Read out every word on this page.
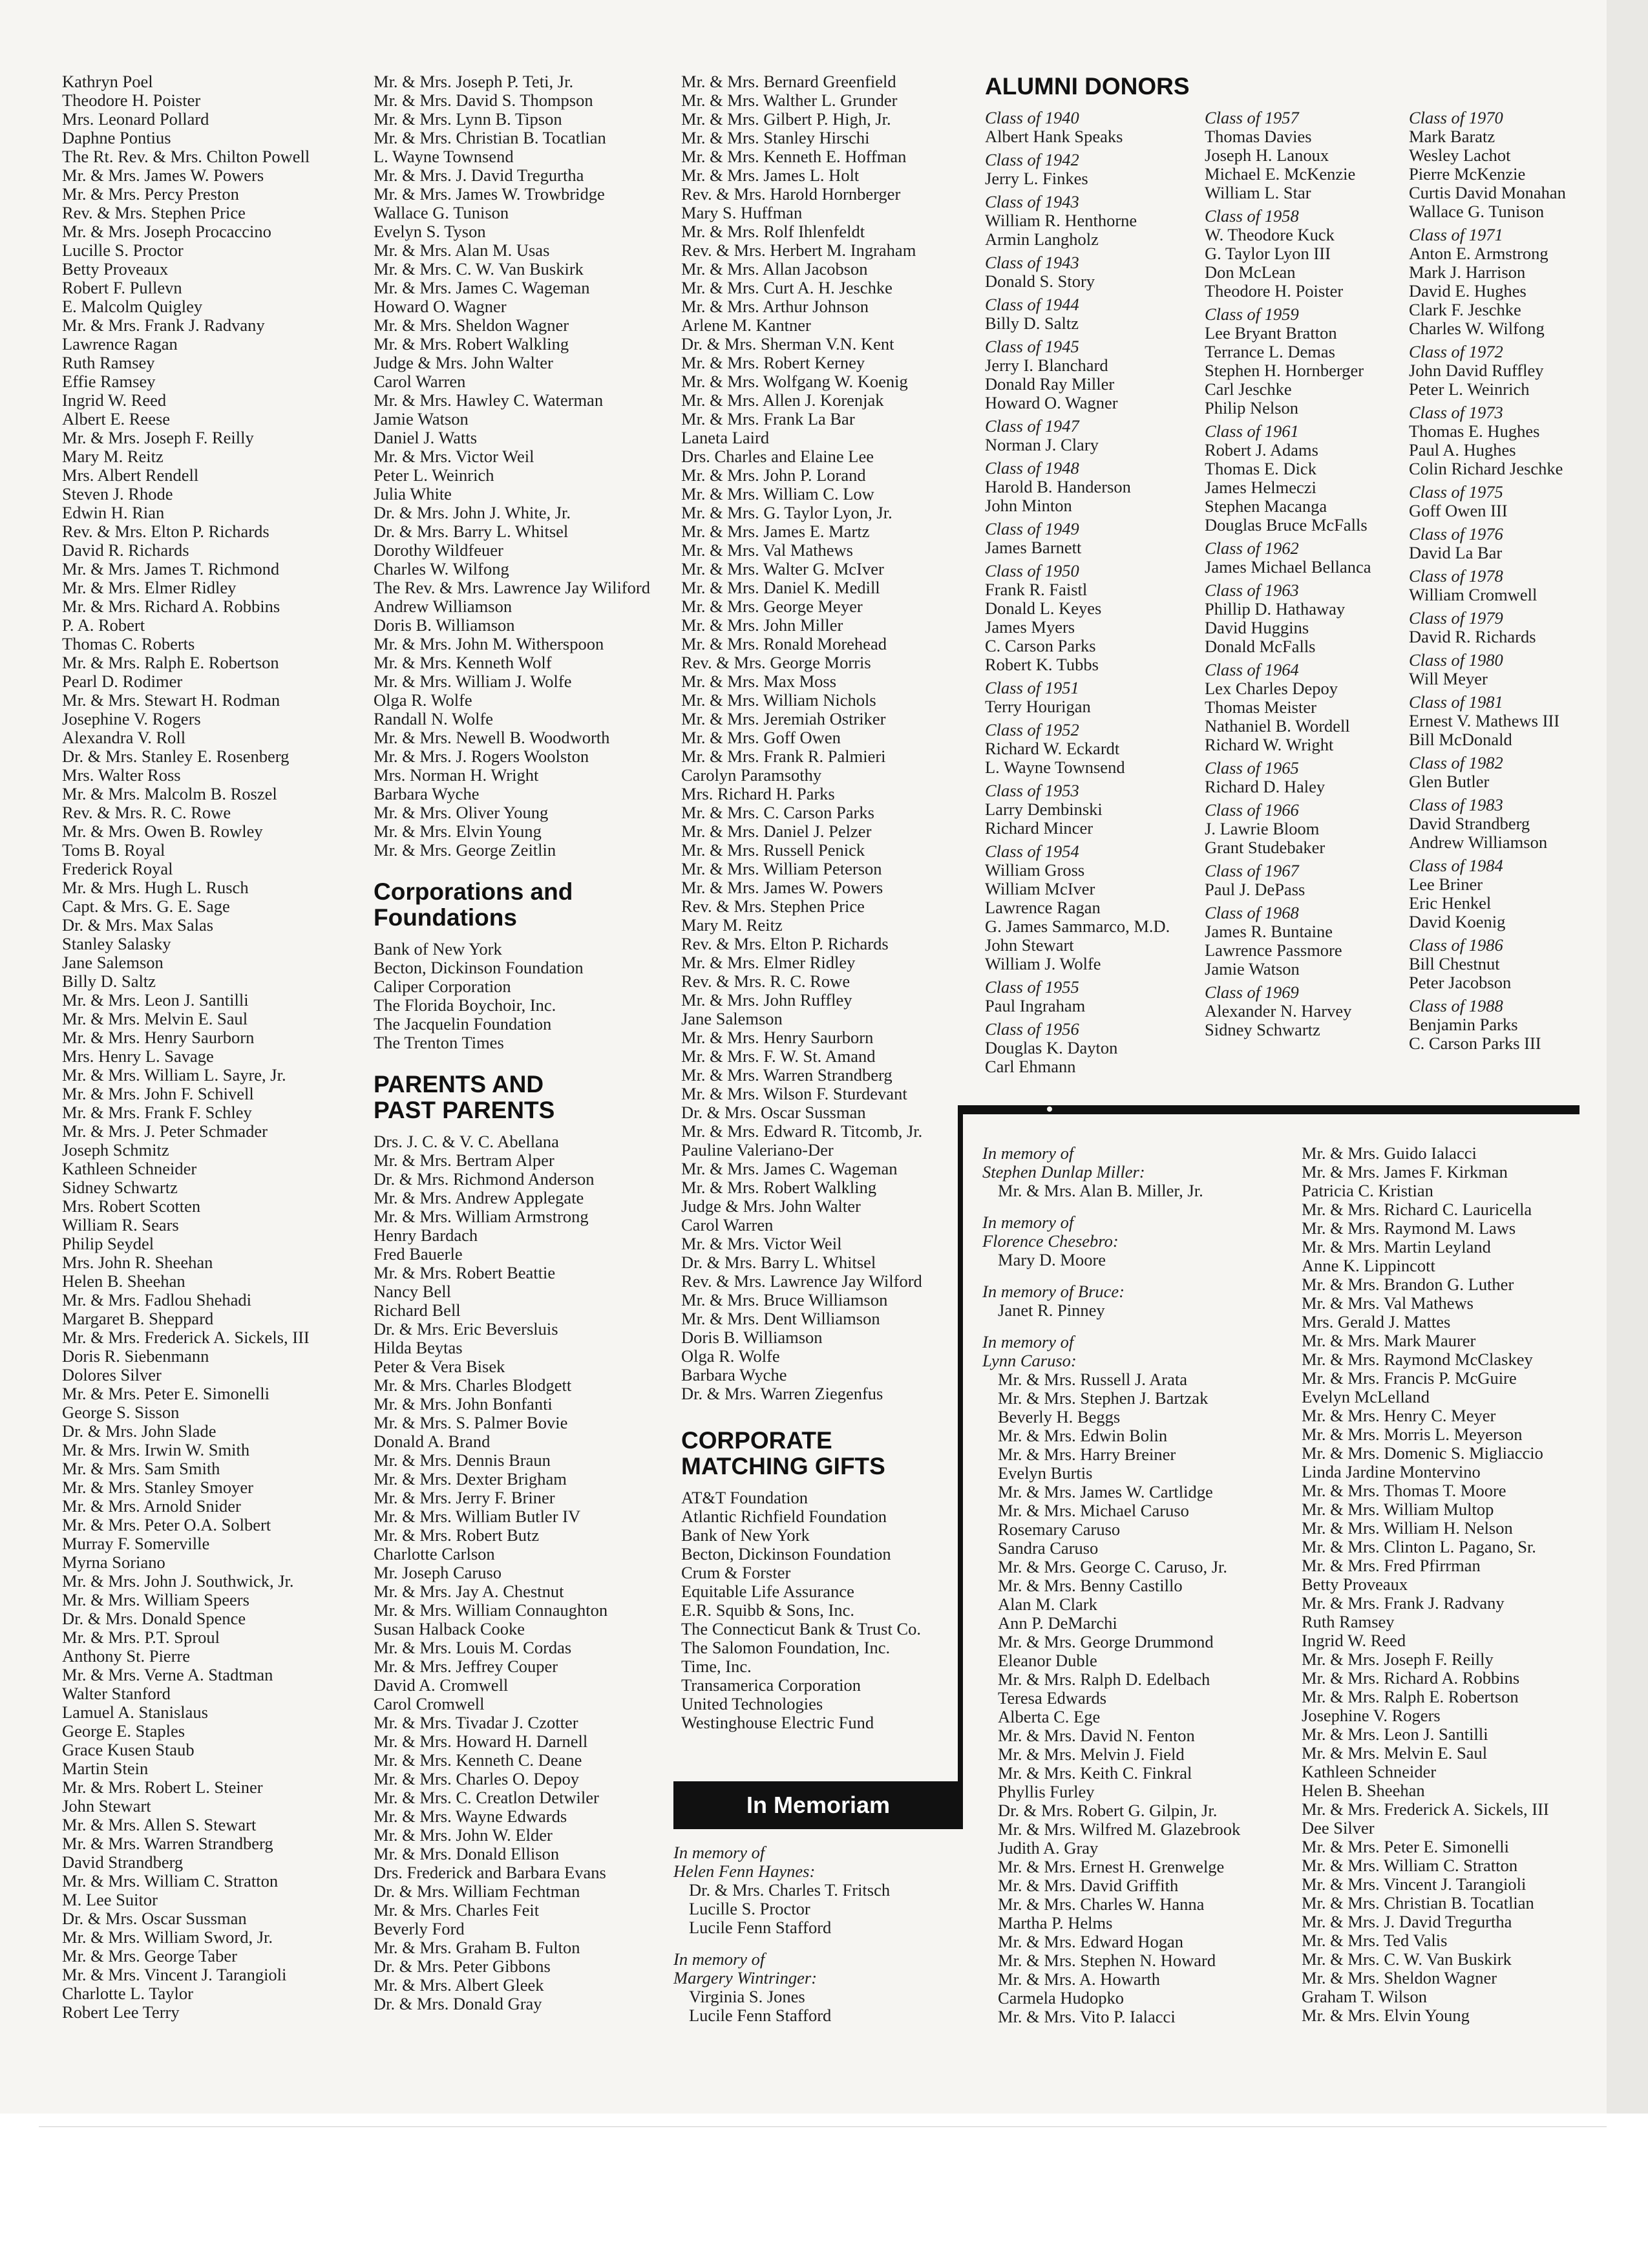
Kathryn Poel
Theodore H. Poister
Mrs. Leonard Pollard
Daphne Pontius
The Rt. Rev. & Mrs. Chilton Powell
Mr. & Mrs. James W. Powers
Mr. & Mrs. Percy Preston
Rev. & Mrs. Stephen Price
Mr. & Mrs. Joseph Procaccino
Lucille S. Proctor
Betty Proveaux
Robert F. Pullevn
E. Malcolm Quigley
Mr. & Mrs. Frank J. Radvany
Lawrence Ragan
Ruth Ramsey
Effie Ramsey
Ingrid W. Reed
Albert E. Reese
Mr. & Mrs. Joseph F. Reilly
Mary M. Reitz
Mrs. Albert Rendell
Steven J. Rhode
Edwin H. Rian
Rev. & Mrs. Elton P. Richards
David R. Richards
Mr. & Mrs. James T. Richmond
Mr. & Mrs. Elmer Ridley
Mr. & Mrs. Richard A. Robbins
P. A. Robert
Thomas C. Roberts
Mr. & Mrs. Ralph E. Robertson
Pearl D. Rodimer
Mr. & Mrs. Stewart H. Rodman
Josephine V. Rogers
Alexandra V. Roll
Dr. & Mrs. Stanley E. Rosenberg
Mrs. Walter Ross
Mr. & Mrs. Malcolm B. Roszel
Rev. & Mrs. R. C. Rowe
Mr. & Mrs. Owen B. Rowley
Toms B. Royal
Frederick Royal
Mr. & Mrs. Hugh L. Rusch
Capt. & Mrs. G. E. Sage
Dr. & Mrs. Max Salas
Stanley Salasky
Jane Salemson
Billy D. Saltz
Mr. & Mrs. Leon J. Santilli
Mr. & Mrs. Melvin E. Saul
Mr. & Mrs. Henry Saurborn
Mrs. Henry L. Savage
Mr. & Mrs. William L. Sayre, Jr.
Mr. & Mrs. John F. Schivell
Mr. & Mrs. Frank F. Schley
Mr. & Mrs. J. Peter Schmader
Joseph Schmitz
Kathleen Schneider
Sidney Schwartz
Mrs. Robert Scotten
William R. Sears
Philip Seydel
Mrs. John R. Sheehan
Helen B. Sheehan
Mr. & Mrs. Fadlou Shehadi
Margaret B. Sheppard
Mr. & Mrs. Frederick A. Sickels, III
Doris R. Siebenmann
Dolores Silver
Mr. & Mrs. Peter E. Simonelli
George S. Sisson
Dr. & Mrs. John Slade
Mr. & Mrs. Irwin W. Smith
Mr. & Mrs. Sam Smith
Mr. & Mrs. Stanley Smoyer
Mr. & Mrs. Arnold Snider
Mr. & Mrs. Peter O.A. Solbert
Murray F. Somerville
Myrna Soriano
Mr. & Mrs. John J. Southwick, Jr.
Mr. & Mrs. William Speers
Dr. & Mrs. Donald Spence
Mr. & Mrs. P.T. Sproul
Anthony St. Pierre
Mr. & Mrs. Verne A. Stadtman
Walter Stanford
Lamuel A. Stanislaus
George E. Staples
Grace Kusen Staub
Martin Stein
Mr. & Mrs. Robert L. Steiner
John Stewart
Mr. & Mrs. Allen S. Stewart
Mr. & Mrs. Warren Strandberg
David Strandberg
Mr. & Mrs. William C. Stratton
M. Lee Suitor
Dr. & Mrs. Oscar Sussman
Mr. & Mrs. William Sword, Jr.
Mr. & Mrs. George Taber
Mr. & Mrs. Vincent J. Tarangioli
Charlotte L. Taylor
Robert Lee Terry
Mr. & Mrs. Joseph P. Teti, Jr.
Mr. & Mrs. David S. Thompson
Mr. & Mrs. Lynn B. Tipson
Mr. & Mrs. Christian B. Tocatlian
L. Wayne Townsend
Mr. & Mrs. J. David Tregurtha
Mr. & Mrs. James W. Trowbridge
Wallace G. Tunison
Evelyn S. Tyson
Mr. & Mrs. Alan M. Usas
Mr. & Mrs. C. W. Van Buskirk
Mr. & Mrs. James C. Wageman
Howard O. Wagner
Mr. & Mrs. Sheldon Wagner
Mr. & Mrs. Robert Walkling
Judge & Mrs. John Walter
Carol Warren
Mr. & Mrs. Hawley C. Waterman
Jamie Watson
Daniel J. Watts
Mr. & Mrs. Victor Weil
Peter L. Weinrich
Julia White
Dr. & Mrs. John J. White, Jr.
Dr. & Mrs. Barry L. Whitsel
Dorothy Wildfeuer
Charles W. Wilfong
The Rev. & Mrs. Lawrence Jay Wiliford
Andrew Williamson
Doris B. Williamson
Mr. & Mrs. John M. Witherspoon
Mr. & Mrs. Kenneth Wolf
Mr. & Mrs. William J. Wolfe
Olga R. Wolfe
Randall N. Wolfe
Mr. & Mrs. Newell B. Woodworth
Mr. & Mrs. J. Rogers Woolston
Mrs. Norman H. Wright
Barbara Wyche
Mr. & Mrs. Oliver Young
Mr. & Mrs. Elvin Young
Mr. & Mrs. George Zeitlin
Corporations and
Foundations
Bank of New York
Becton, Dickinson Foundation
Caliper Corporation
The Florida Boychoir, Inc.
The Jacquelin Foundation
The Trenton Times
PARENTS AND
PAST PARENTS
Drs. J. C. & V. C. Abellana
Mr. & Mrs. Bertram Alper
Dr. & Mrs. Richmond Anderson
Mr. & Mrs. Andrew Applegate
Mr. & Mrs. William Armstrong
Henry Bardach
Fred Bauerle
Mr. & Mrs. Robert Beattie
Nancy Bell
Richard Bell
Dr. & Mrs. Eric Beversluis
Hilda Beytas
Peter & Vera Bisek
Mr. & Mrs. Charles Blodgett
Mr. & Mrs. John Bonfanti
Mr. & Mrs. S. Palmer Bovie
Donald A. Brand
Mr. & Mrs. Dennis Braun
Mr. & Mrs. Dexter Brigham
Mr. & Mrs. Jerry F. Briner
Mr. & Mrs. William Butler IV
Mr. & Mrs. Robert Butz
Charlotte Carlson
Mr. Joseph Caruso
Mr. & Mrs. Jay A. Chestnut
Mr. & Mrs. William Connaughton
Susan Halback Cooke
Mr. & Mrs. Louis M. Cordas
Mr. & Mrs. Jeffrey Couper
David A. Cromwell
Carol Cromwell
Mr. & Mrs. Tivadar J. Czotter
Mr. & Mrs. Howard H. Darnell
Mr. & Mrs. Kenneth C. Deane
Mr. & Mrs. Charles O. Depoy
Mr. & Mrs. C. Creatlon Detwiler
Mr. & Mrs. Wayne Edwards
Mr. & Mrs. John W. Elder
Mr. & Mrs. Donald Ellison
Drs. Frederick and Barbara Evans
Dr. & Mrs. William Fechtman
Mr. & Mrs. Charles Feit
Beverly Ford
Mr. & Mrs. Graham B. Fulton
Dr. & Mrs. Peter Gibbons
Mr. & Mrs. Albert Gleek
Dr. & Mrs. Donald Gray
Mr. & Mrs. Bernard Greenfield
Mr. & Mrs. Walther L. Grunder
Mr. & Mrs. Gilbert P. High, Jr.
Mr. & Mrs. Stanley Hirschi
Mr. & Mrs. Kenneth E. Hoffman
Mr. & Mrs. James L. Holt
Rev. & Mrs. Harold Hornberger
Mary S. Huffman
Mr. & Mrs. Rolf Ihlenfeldt
Rev. & Mrs. Herbert M. Ingraham
Mr. & Mrs. Allan Jacobson
Mr. & Mrs. Curt A. H. Jeschke
Mr. & Mrs. Arthur Johnson
Arlene M. Kantner
Dr. & Mrs. Sherman V.N. Kent
Mr. & Mrs. Robert Kerney
Mr. & Mrs. Wolfgang W. Koenig
Mr. & Mrs. Allen J. Korenjak
Mr. & Mrs. Frank La Bar
Laneta Laird
Drs. Charles and Elaine Lee
Mr. & Mrs. John P. Lorand
Mr. & Mrs. William C. Low
Mr. & Mrs. G. Taylor Lyon, Jr.
Mr. & Mrs. James E. Martz
Mr. & Mrs. Val Mathews
Mr. & Mrs. Walter G. McIver
Mr. & Mrs. Daniel K. Medill
Mr. & Mrs. George Meyer
Mr. & Mrs. John Miller
Mr. & Mrs. Ronald Morehead
Rev. & Mrs. George Morris
Mr. & Mrs. Max Moss
Mr. & Mrs. William Nichols
Mr. & Mrs. Jeremiah Ostriker
Mr. & Mrs. Goff Owen
Mr. & Mrs. Frank R. Palmieri
Carolyn Paramsothy
Mrs. Richard H. Parks
Mr. & Mrs. C. Carson Parks
Mr. & Mrs. Daniel J. Pelzer
Mr. & Mrs. Russell Penick
Mr. & Mrs. William Peterson
Mr. & Mrs. James W. Powers
Rev. & Mrs. Stephen Price
Mary M. Reitz
Rev. & Mrs. Elton P. Richards
Mr. & Mrs. Elmer Ridley
Rev. & Mrs. R. C. Rowe
Mr. & Mrs. John Ruffley
Jane Salemson
Mr. & Mrs. Henry Saurborn
Mr. & Mrs. F. W. St. Amand
Mr. & Mrs. Warren Strandberg
Mr. & Mrs. Wilson F. Sturdevant
Dr. & Mrs. Oscar Sussman
Mr. & Mrs. Edward R. Titcomb, Jr.
Pauline Valeriano-Der
Mr. & Mrs. James C. Wageman
Mr. & Mrs. Robert Walkling
Judge & Mrs. John Walter
Carol Warren
Mr. & Mrs. Victor Weil
Dr. & Mrs. Barry L. Whitsel
Rev. & Mrs. Lawrence Jay Wilford
Mr. & Mrs. Bruce Williamson
Mr. & Mrs. Dent Williamson
Doris B. Williamson
Olga R. Wolfe
Barbara Wyche
Dr. & Mrs. Warren Ziegenfus
CORPORATE
MATCHING GIFTS
AT&T Foundation
Atlantic Richfield Foundation
Bank of New York
Becton, Dickinson Foundation
Crum & Forster
Equitable Life Assurance
E.R. Squibb & Sons, Inc.
The Connecticut Bank & Trust Co.
The Salomon Foundation, Inc.
Time, Inc.
Transamerica Corporation
United Technologies
Westinghouse Electric Fund
In Memoriam
In memory of
Helen Fenn Haynes:
Dr. & Mrs. Charles T. Fritsch
Lucille S. Proctor
Lucile Fenn Stafford
In memory of
Margery Wintringer:
Virginia S. Jones
Lucile Fenn Stafford
ALUMNI DONORS
Class of 1940
Albert Hank Speaks
Class of 1942
Jerry L. Finkes
Class of 1943
William R. Henthorne
Armin Langholz
Class of 1943
Donald S. Story
Class of 1944
Billy D. Saltz
Class of 1945
Jerry I. Blanchard
Donald Ray Miller
Howard O. Wagner
Class of 1947
Norman J. Clary
Class of 1948
Harold B. Handerson
John Minton
Class of 1949
James Barnett
Class of 1950
Frank R. Faistl
Donald L. Keyes
James Myers
C. Carson Parks
Robert K. Tubbs
Class of 1951
Terry Hourigan
Class of 1952
Richard W. Eckardt
L. Wayne Townsend
Class of 1953
Larry Dembinski
Richard Mincer
Class of 1954
William Gross
William McIver
Lawrence Ragan
G. James Sammarco, M.D.
John Stewart
William J. Wolfe
Class of 1955
Paul Ingraham
Class of 1956
Douglas K. Dayton
Carl Ehmann
Class of 1957
Thomas Davies
Joseph H. Lanoux
Michael E. McKenzie
William L. Star
Class of 1958
W. Theodore Kuck
G. Taylor Lyon III
Don McLean
Theodore H. Poister
Class of 1959
Lee Bryant Bratton
Terrance L. Demas
Stephen H. Hornberger
Carl Jeschke
Philip Nelson
Class of 1961
Robert J. Adams
Thomas E. Dick
James Helmeczi
Stephen Macanga
Douglas Bruce McFalls
Class of 1962
James Michael Bellanca
Class of 1963
Phillip D. Hathaway
David Huggins
Donald McFalls
Class of 1964
Lex Charles Depoy
Thomas Meister
Nathaniel B. Wordell
Richard W. Wright
Class of 1965
Richard D. Haley
Class of 1966
J. Lawrie Bloom
Grant Studebaker
Class of 1967
Paul J. DePass
Class of 1968
James R. Buntaine
Lawrence Passmore
Jamie Watson
Class of 1969
Alexander N. Harvey
Sidney Schwartz
Class of 1970
Mark Baratz
Wesley Lachot
Pierre McKenzie
Curtis David Monahan
Wallace G. Tunison
Class of 1971
Anton E. Armstrong
Mark J. Harrison
David E. Hughes
Clark F. Jeschke
Charles W. Wilfong
Class of 1972
John David Ruffley
Peter L. Weinrich
Class of 1973
Thomas E. Hughes
Paul A. Hughes
Colin Richard Jeschke
Class of 1975
Goff Owen III
Class of 1976
David La Bar
Class of 1978
William Cromwell
Class of 1979
David R. Richards
Class of 1980
Will Meyer
Class of 1981
Ernest V. Mathews III
Bill McDonald
Class of 1982
Glen Butler
Class of 1983
David Strandberg
Andrew Williamson
Class of 1984
Lee Briner
Eric Henkel
David Koenig
Class of 1986
Bill Chestnut
Peter Jacobson
Class of 1988
Benjamin Parks
C. Carson Parks III
In memory of
Stephen Dunlap Miller:
Mr. & Mrs. Alan B. Miller, Jr.
In memory of
Florence Chesebro:
Mary D. Moore
In memory of Bruce:
Janet R. Pinney
In memory of
Lynn Caruso:
Mr. & Mrs. Russell J. Arata
Mr. & Mrs. Stephen J. Bartzak
Beverly H. Beggs
Mr. & Mrs. Edwin Bolin
Mr. & Mrs. Harry Breiner
Evelyn Burtis
Mr. & Mrs. James W. Cartlidge
Mr. & Mrs. Michael Caruso
Rosemary Caruso
Sandra Caruso
Mr. & Mrs. George C. Caruso, Jr.
Mr. & Mrs. Benny Castillo
Alan M. Clark
Ann P. DeMarchi
Mr. & Mrs. George Drummond
Eleanor Duble
Mr. & Mrs. Ralph D. Edelbach
Teresa Edwards
Alberta C. Ege
Mr. & Mrs. David N. Fenton
Mr. & Mrs. Melvin J. Field
Mr. & Mrs. Keith C. Finkral
Phyllis Furley
Dr. & Mrs. Robert G. Gilpin, Jr.
Mr. & Mrs. Wilfred M. Glazebrook
Judith A. Gray
Mr. & Mrs. Ernest H. Grenwelge
Mr. & Mrs. David Griffith
Mr. & Mrs. Charles W. Hanna
Martha P. Helms
Mr. & Mrs. Edward Hogan
Mr. & Mrs. Stephen N. Howard
Mr. & Mrs. A. Howarth
Carmela Hudopko
Mr. & Mrs. Vito P. Ialacci
Mr. & Mrs. Guido Ialacci
Mr. & Mrs. James F. Kirkman
Patricia C. Kristian
Mr. & Mrs. Richard C. Lauricella
Mr. & Mrs. Raymond M. Laws
Mr. & Mrs. Martin Leyland
Anne K. Lippincott
Mr. & Mrs. Brandon G. Luther
Mr. & Mrs. Val Mathews
Mrs. Gerald J. Mattes
Mr. & Mrs. Mark Maurer
Mr. & Mrs. Raymond McClaskey
Mr. & Mrs. Francis P. McGuire
Evelyn McLelland
Mr. & Mrs. Henry C. Meyer
Mr. & Mrs. Morris L. Meyerson
Mr. & Mrs. Domenic S. Migliaccio
Linda Jardine Montervino
Mr. & Mrs. Thomas T. Moore
Mr. & Mrs. William Multop
Mr. & Mrs. William H. Nelson
Mr. & Mrs. Clinton L. Pagano, Sr.
Mr. & Mrs. Fred Pfirrman
Betty Proveaux
Mr. & Mrs. Frank J. Radvany
Ruth Ramsey
Ingrid W. Reed
Mr. & Mrs. Joseph F. Reilly
Mr. & Mrs. Richard A. Robbins
Mr. & Mrs. Ralph E. Robertson
Josephine V. Rogers
Mr. & Mrs. Leon J. Santilli
Mr. & Mrs. Melvin E. Saul
Kathleen Schneider
Helen B. Sheehan
Mr. & Mrs. Frederick A. Sickels, III
Dee Silver
Mr. & Mrs. Peter E. Simonelli
Mr. & Mrs. William C. Stratton
Mr. & Mrs. Vincent J. Tarangioli
Mr. & Mrs. Christian B. Tocatlian
Mr. & Mrs. J. David Tregurtha
Mr. & Mrs. Ted Valis
Mr. & Mrs. C. W. Van Buskirk
Mr. & Mrs. Sheldon Wagner
Graham T. Wilson
Mr. & Mrs. Elvin Young
